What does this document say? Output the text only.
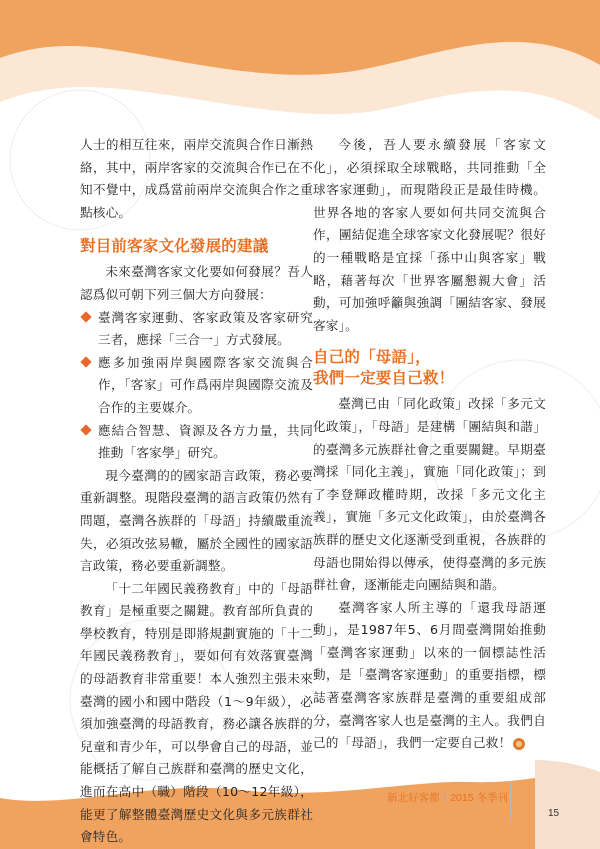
人士的相互往來，兩岸交流與合作日漸熱絡，其中，兩岸客家的交流與合作已在不知不覺中，成爲當前兩岸交流與合作之重點核心。

對目前客家文化發展的建議

未來臺灣客家文化要如何發展？吾人認爲似可朝下列三個大方向發展：

臺灣客家運動、客家政策及客家研究三者，應採「三合一」方式發展。
應多加強兩岸與國際客家交流與合作，「客家」可作爲兩岸與國際交流及合作的主要媒介。
應結合智慧、資源及各方力量，共同推動「客家學」研究。

現今臺灣的的國家語言政策，務必要重新調整。現階段臺灣的語言政策仍然有問題，臺灣各族群的「母語」持續嚴重流失，必須改弦易轍，屬於全國性的國家語言政策，務必要重新調整。

「十二年國民義務教育」中的「母語教育」是極重要之關鍵。教育部所負責的學校教育，特別是即將規劃實施的「十二年國民義務教育」，要如何有效落實臺灣的母語教育非常重要！本人強烈主張未來臺灣的國小和國中階段（1～9年級），必須加強臺灣的母語教育，務必讓各族群的兒童和青少年，可以學會自己的母語，並能概括了解自己族群和臺灣的歷史文化，進而在高中（職）階段（10～12年級），能更了解整體臺灣歷史文化與多元族群社會特色。

今後，吾人要永續發展「客家文化」，必須採取全球戰略，共同推動「全球客家運動」，而現階段正是最佳時機。世界各地的客家人要如何共同交流與合作，團結促進全球客家文化發展呢？很好的一種戰略是宜採「孫中山與客家」戰略，藉著每次「世界客屬懇親大會」活動，可加強呼籲與強調「團結客家、發展客家」。

自己的「母語」，
我們一定要自己救！

臺灣已由「同化政策」改採「多元文化政策」，「母語」是建構「團結與和諧」的臺灣多元族群社會之重要關鍵。早期臺灣採「同化主義」，實施「同化政策」；到了李登輝政權時期，改採「多元文化主義」，實施「多元文化政策」，由於臺灣各族群的歷史文化逐漸受到重視，各族群的母語也開始得以傳承，使得臺灣的多元族群社會，逐漸能走向團結與和諧。

臺灣客家人所主導的「還我母語運動」，是1987年5、6月間臺灣開始推動「臺灣客家運動」以來的一個標誌性活動，是「臺灣客家運動」的重要指標，標誌著臺灣客家族群是臺灣的重要組成部分，臺灣客家人也是臺灣的主人。我們自己的「母語」，我們一定要自己救！

新北好客都 | 2015 冬季刊
15
